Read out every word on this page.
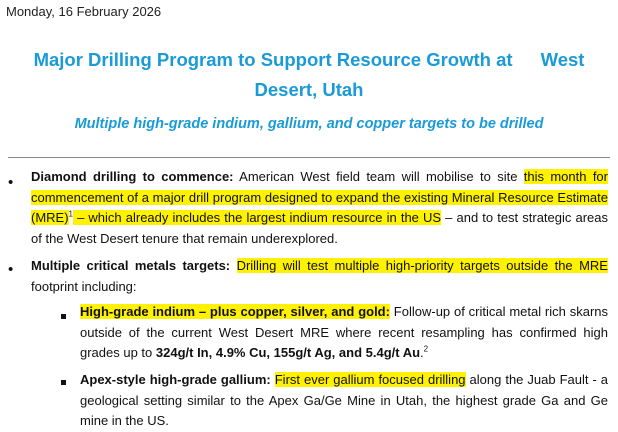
Monday, 16 February 2026
Major Drilling Program to Support Resource Growth at West
Desert, Utah
Multiple high-grade indium, gallium, and copper targets to be drilled
• Diamond drilling to commence: American West field team will mobilise to site this month for commencement of a major drill program designed to expand the existing Mineral Resource Estimate (MRE)$^1$ – which already includes the largest indium resource in the US – and to test strategic areas of the West Desert tenure that remain underexplored.
• Multiple critical metals targets: Drilling will test multiple high-priority targets outside the MRE footprint including:
High-grade indium – plus copper, silver, and gold: Follow-up of critical metal rich skarns outside of the current West Desert MRE where recent resampling has confirmed high grades up to 324g/t In, 4.9% Cu, 155g/t Ag, and 5.4g/t Au.$^2$
Apex-style high-grade gallium: First ever gallium focused drilling along the Juab Fault - a geological setting similar to the Apex Ga/Ge Mine in Utah, the highest grade Ga and Ge mine in the US.
